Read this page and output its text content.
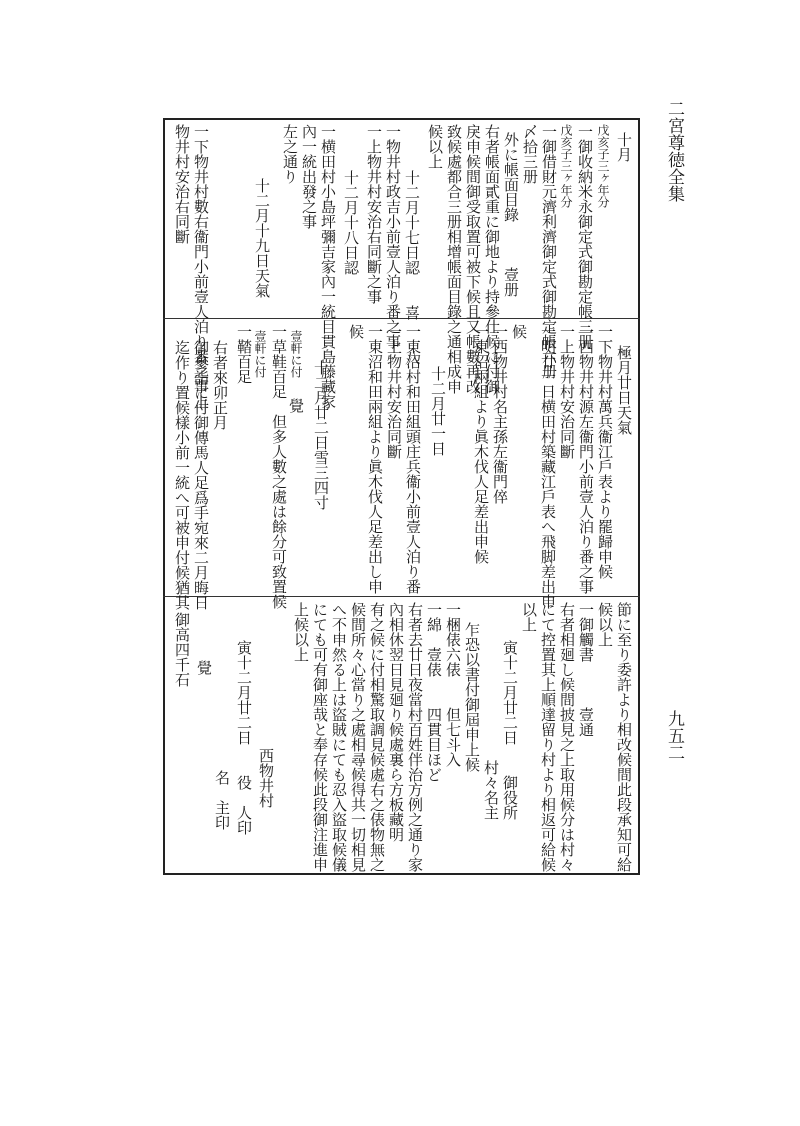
二宮尊徳全集
九五二
十月
戊亥子三ヶ年分
一御收納米永御定式御勘定帳三册
戊亥子三ヶ年分
一御借財元濟利濟御定式御勘定帳六册
〆拾三册
外に帳面目錄　　　壹册
右者帳面貳重に御地より持參仕候に付御
戾申候間御受取置可被下候且又帳數再改
致候處都合三册相增帳面目錄之通相成申
候以上
十二月十七日認　　喜　　八
一物井村政吉小前壹人泊り番之事
一上物井村安治右同斷之事
十二月十八日認
一横田村小島坪彌吉家內一統目貫島藤藏家
內一統出發之事
左之通り
十二月十九日天氣
一下物井村數右衞門小前壹人泊り番之事上
物井村安治右同斷
極月廿日天氣
一下物井村萬兵衞江戶表より罷歸申候
一西物井村源左衞門小前壹人泊り番之事
一上物井村安治同斷
一明廿一日横田村築藏江戶表へ飛脚差出申
候
一西物井村名主孫左衞門倅
一東沼兩組より眞木伐人足差出申候
十二月廿一日
一東沼村和田組頭庄兵衞小前壹人泊り番
一上物井村安治同斷
一東沼和田兩組より眞木伐人足差出し申
候
十二月廿二日雪三四寸
覺
壹軒に付
一草鞋百足　但多人數之處は餘分可致置候
壹軒に付
一鞜百足
右者來卯正月
御參詣に付御傳馬人足爲手宛來二月晦日
迄作り置候樣小前一統へ可被申付候猶其
節に至り委許より相改候間此段承知可給
候以上
一御觸書　　　壹通
右者相廻し候間披見之上取用候分は村々
にて控置其上順達留り村より相返可給候
以上
寅十二月廿二日　　御役所
村々名主
乍恐以書付御屆申上候
一梱俵六俵　　但七斗入
一綿　壹俵　　四貫目ほど
右者去廿日夜當村百姓伴治方例之通り家
內相休翌日見廻り候處裏ら方板藏明
有之候に付相驚取調見候處右之俵物無之
候間所々心當り之處相尋候得共一切相見
へ不申然る上は盜賊にても忍入盜取候儀
にても可有御座哉と奉存候此段御注進申
上候以上
西物井村
寅十二月廿二日　　役　人印
名　主印
覺
御高四千石
